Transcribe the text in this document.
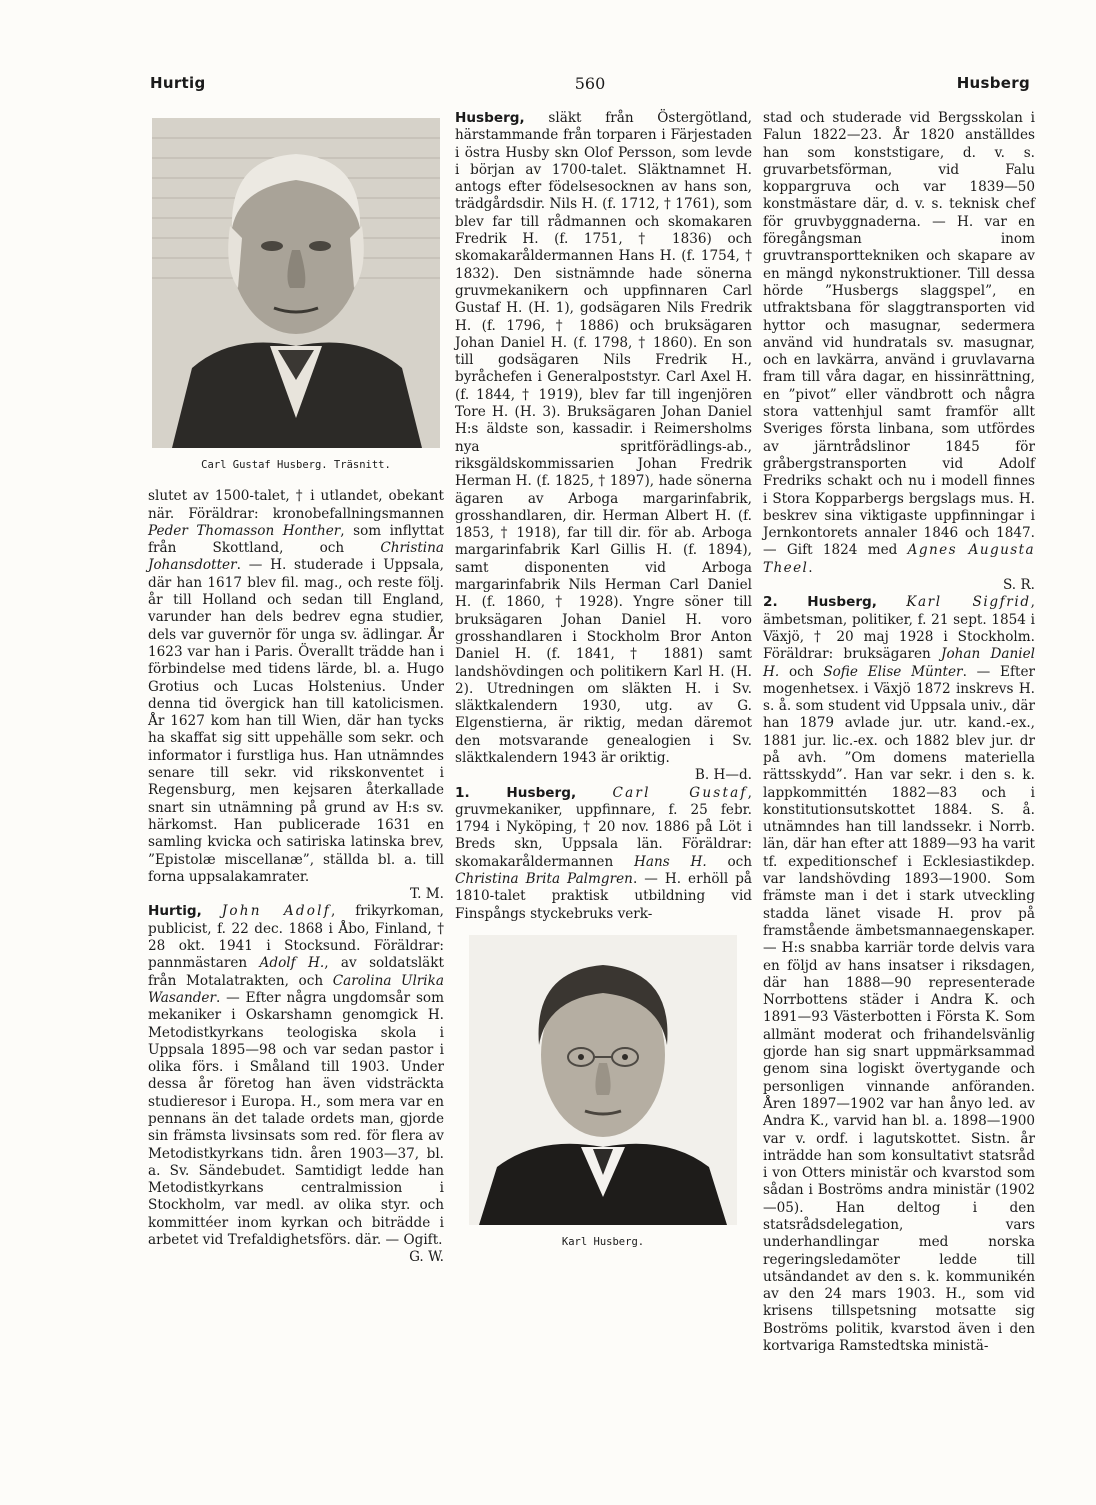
Hurtig	560	Husberg
Carl Gustaf Husberg. Träsnitt.

slutet av 1500-talet, † i utlandet, obekant när. Föräldrar: kronobefallningsmannen Peder Thomasson Honther, som inflyttat från Skottland, och Christina Johansdotter. — H. studerade i Uppsala, där han 1617 blev fil. mag., och reste följ. år till Holland och sedan till England, varunder han dels bedrev egna studier, dels var guvernör för unga sv. ädlingar. År 1623 var han i Paris. Överallt trädde han i förbindelse med tidens lärde, bl. a. Hugo Grotius och Lucas Holstenius. Under denna tid övergick han till katolicismen. År 1627 kom han till Wien, där han tycks ha skaffat sig sitt uppehälle som sekr. och informator i furstliga hus. Han utnämndes senare till sekr. vid rikskonventet i Regensburg, men kejsaren återkallade snart sin utnämning på grund av H:s sv. härkomst. Han publicerade 1631 en samling kvicka och satiriska latinska brev, ”Epistolæ miscellanæ”, ställda bl. a. till forna uppsalakamrater.
T. M.

Hurtig, John Adolf, frikyrkoman, publicist, f. 22 dec. 1868 i Åbo, Finland, † 28 okt. 1941 i Stocksund. Föräldrar: pannmästaren Adolf H., av soldatsläkt från Motalatrakten, och Carolina Ulrika Wasander. — Efter några ungdomsår som mekaniker i Oskarshamn genomgick H. Metodistkyrkans teologiska skola i Uppsala 1895—98 och var sedan pastor i olika förs. i Småland till 1903. Under dessa år företog han även vidsträckta studieresor i Europa. H., som mera var en pennans än det talade ordets man, gjorde sin främsta livsinsats som red. för flera av Metodistkyrkans tidn. åren 1903—37, bl. a. Sv. Sändebudet. Samtidigt ledde han Metodistkyrkans centralmission i Stockholm, var medl. av olika styr. och kommittéer inom kyrkan och biträdde i arbetet vid Trefaldighetsförs. där. — Ogift.
G. W.

Husberg, släkt från Östergötland, härstammande från torparen i Färjestaden i östra Husby skn Olof Persson, som levde i början av 1700-talet. Släktnamnet H. antogs efter födelsesocknen av hans son, trädgårdsdir. Nils H. (f. 1712, † 1761), som blev far till rådmannen och skomakaren Fredrik H. (f. 1751, † 1836) och skomakaråldermannen Hans H. (f. 1754, † 1832). Den sistnämnde hade sönerna gruvmekanikern och uppfinnaren Carl Gustaf H. (H. 1), godsägaren Nils Fredrik H. (f. 1796, † 1886) och bruksägaren Johan Daniel H. (f. 1798, † 1860). En son till godsägaren Nils Fredrik H., byråchefen i Generalpoststyr. Carl Axel H. (f. 1844, † 1919), blev far till ingenjören Tore H. (H. 3). Bruksägaren Johan Daniel H:s äldste son, kassadir. i Reimersholms nya spritförädlings-ab., riksgäldskommissarien Johan Fredrik Herman H. (f. 1825, † 1897), hade sönerna ägaren av Arboga margarinfabrik, grosshandlaren, dir. Herman Albert H. (f. 1853, † 1918), far till dir. för ab. Arboga margarinfabrik Karl Gillis H. (f. 1894), samt disponenten vid Arboga margarinfabrik Nils Herman Carl Daniel H. (f. 1860, † 1928). Yngre söner till bruksägaren Johan Daniel H. voro grosshandlaren i Stockholm Bror Anton Daniel H. (f. 1841, † 1881) samt landshövdingen och politikern Karl H. (H. 2). Utredningen om släkten H. i Sv. släktkalendern 1930, utg. av G. Elgenstierna, är riktig, medan däremot den motsvarande genealogien i Sv. släktkalendern 1943 är oriktig.
B. H—d.

1. Husberg,	Carl Gustaf, gruvmekaniker, uppfinnare, f. 25 febr. 1794 i Nyköping, † 20 nov. 1886 på Löt i Breds skn, Uppsala län. Föräldrar: skomakaråldermannen Hans H. och Christina Brita Palmgren. — H. erhöll på 1810-talet praktisk utbildning vid Finspångs styckebruks verk-

Karl Husberg.

stad och studerade vid Bergsskolan i Falun 1822—23. År 1820 anställdes han som konststigare, d. v. s. gruvarbetsförman, vid Falu koppargruva och var 1839—50 konstmästare där, d. v. s. teknisk chef för gruvbyggnaderna. — H. var en föregångsman inom gruvtransporttekniken och skapare av en mängd nykonstruktioner. Till dessa hörde ”Husbergs slaggspel”, en utfraktsbana för slaggtransporten vid hyttor och masugnar, sedermera använd vid hundratals sv. masugnar, och en lavkärra, använd i gruvlavarna fram till våra dagar, en hissinrättning, en ”pivot” eller vändbrott och några stora vattenhjul samt framför allt Sveriges första linbana, som utfördes av järntrådslinor 1845 för gråbergstransporten vid Adolf Fredriks schakt och nu i modell finnes i Stora Kopparbergs bergslags mus. H. beskrev sina viktigaste uppfinningar i Jernkontorets annaler 1846 och 1847. — Gift 1824 med Agnes Augusta Theel.
S. R.

2. Husberg, Karl Sigfrid, ämbetsman, politiker, f. 21 sept. 1854 i Växjö, † 20 maj 1928 i Stockholm. Föräldrar: bruksägaren Johan Daniel H. och Sofie Elise Münter. — Efter mogenhetsex. i Växjö 1872 inskrevs H. s. å. som student vid Uppsala univ., där han 1879 avlade jur. utr. kand.-ex., 1881 jur. lic.-ex. och 1882 blev jur. dr på avh. ”Om domens materiella rättsskydd”. Han var sekr. i den s. k. lappkommittén 1882—83 och i konstitutionsutskottet 1884. S. å. utnämndes han till landssekr. i Norrb. län, där han efter att 1889—93 ha varit tf. expeditionschef i Ecklesiastikdep. var landshövding 1893—1900. Som främste man i det i stark utveckling stadda länet visade H. prov på framstående ämbetsmannaegenskaper. — H:s snabba karriär torde delvis vara en följd av hans insatser i riksdagen, där han 1888—90 representerade Norrbottens städer i Andra K. och 1891—93 Västerbotten i Första K. Som allmänt moderat och frihandelsvänlig gjorde han sig snart uppmärksammad genom sina logiskt övertygande och personligen vinnande anföranden. Åren 1897—1902 var han ånyo led. av Andra K., varvid han bl. a. 1898—1900 var v. ordf. i lagutskottet. Sistn. år inträdde han som konsultativt statsråd i von Otters ministär och kvarstod som sådan i Boströms andra ministär (1902—05). Han deltog i den statsrådsdelegation, vars underhandlingar med norska regeringsledamöter ledde till utsändandet av den s. k. kommunikén av den 24 mars 1903. H., som vid krisens tillspetsning motsatte sig Boströms politik, kvarstod även i den kortvariga Ramstedtska ministä-
